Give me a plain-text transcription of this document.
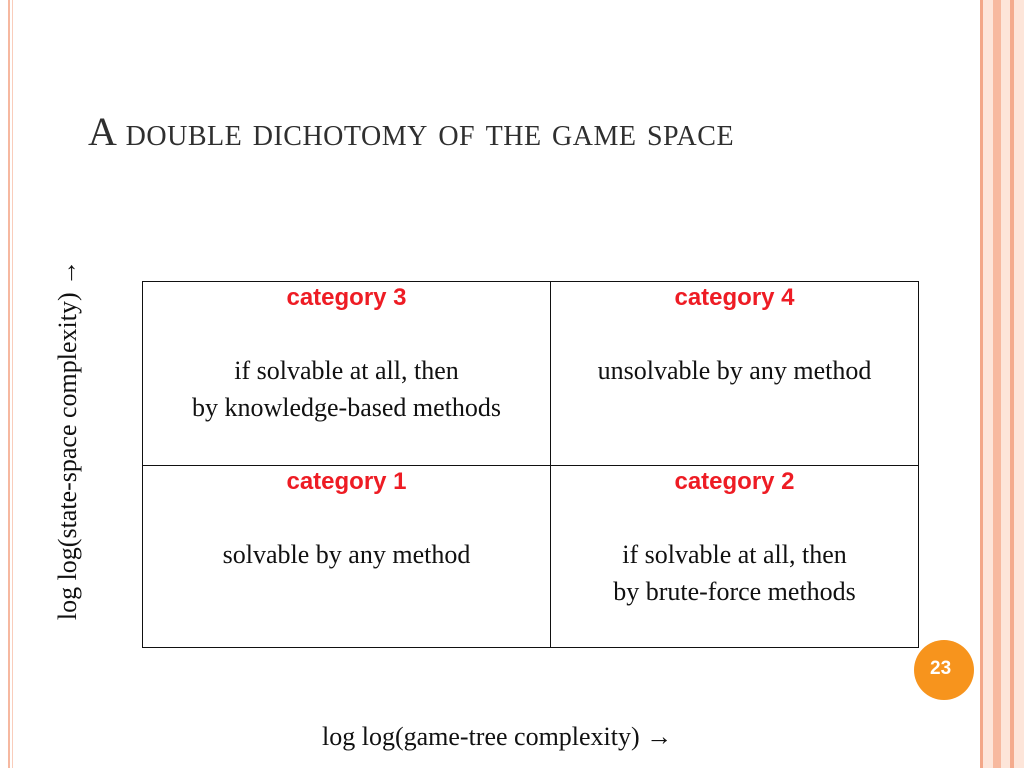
A double dichotomy of the game space
log log(state-space complexity) →	category 3
if solvable at all, then
by knowledge-based methods
category 4
unsolvable by any method
category 1
solvable by any method
category 2
if solvable at all, then
by brute-force methods
log log(game-tree complexity) →
23
